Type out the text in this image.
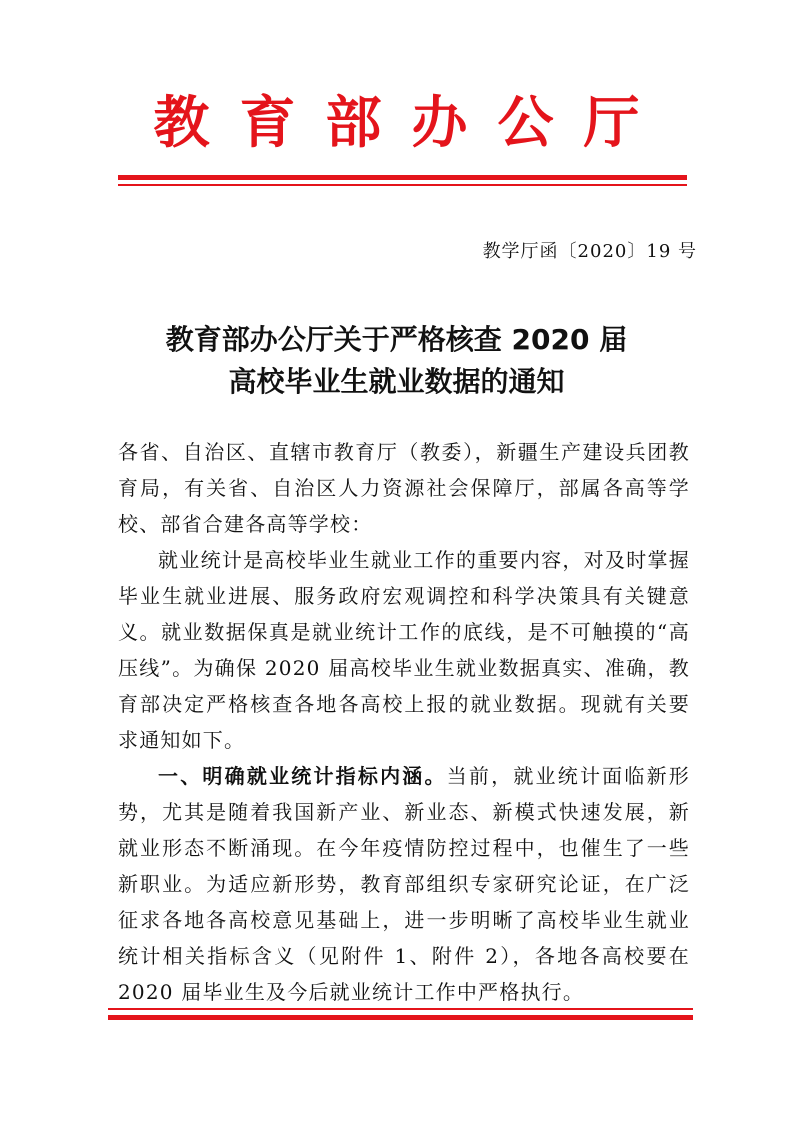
教育部办公厅
教学厅函〔2020〕19 号
教育部办公厅关于严格核查 2020 届
高校毕业生就业数据的通知

各省、自治区、直辖市教育厅（教委），新疆生产建设兵团教育局，有关省、自治区人力资源社会保障厅，部属各高等学校、部省合建各高等学校：

就业统计是高校毕业生就业工作的重要内容，对及时掌握毕业生就业进展、服务政府宏观调控和科学决策具有关键意义。就业数据保真是就业统计工作的底线，是不可触摸的“高压线”。为确保 2020 届高校毕业生就业数据真实、准确，教育部决定严格核查各地各高校上报的就业数据。现就有关要求通知如下。

一、明确就业统计指标内涵。当前，就业统计面临新形势，尤其是随着我国新产业、新业态、新模式快速发展，新就业形态不断涌现。在今年疫情防控过程中，也催生了一些新职业。为适应新形势，教育部组织专家研究论证，在广泛征求各地各高校意见基础上，进一步明晰了高校毕业生就业统计相关指标含义（见附件 1、附件 2），各地各高校要在 2020 届毕业生及今后就业统计工作中严格执行。
